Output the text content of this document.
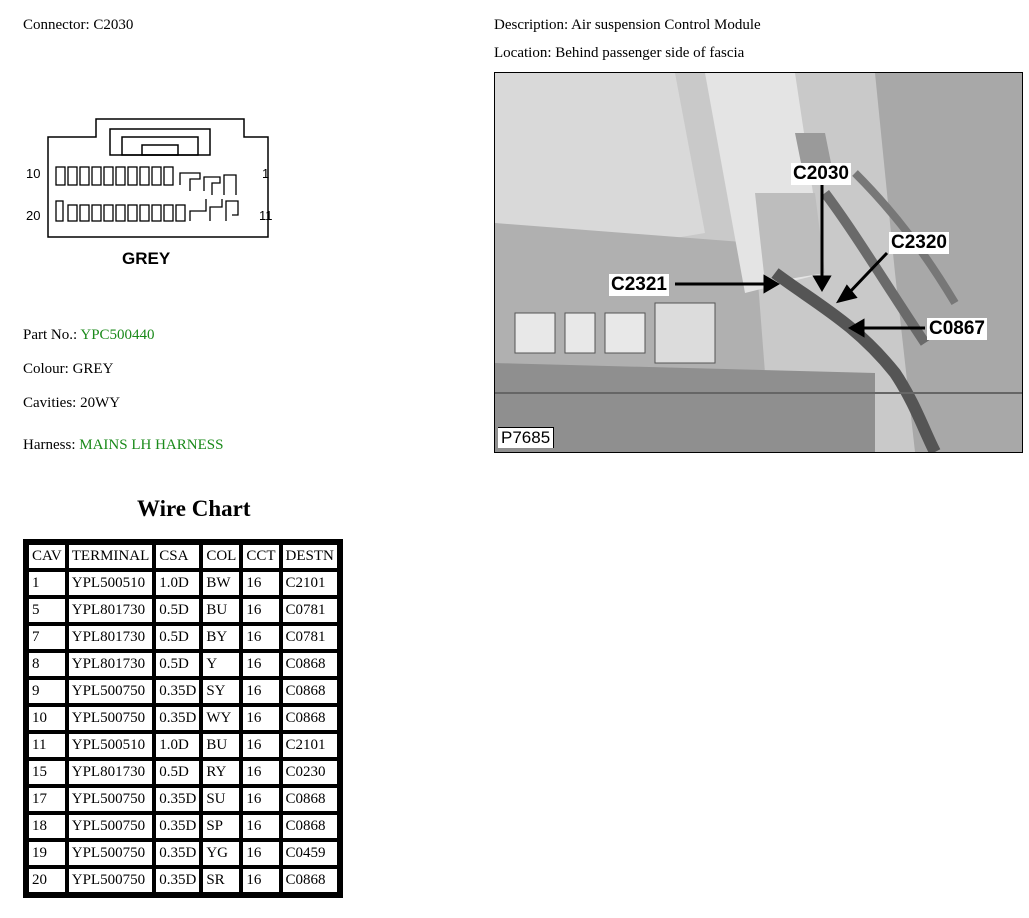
Connector: C2030	Description: Air suspension Control Module
Location: Behind passenger side of fascia
10
20
1
11
GREY
Part No.: YPC500440
Colour: GREY
Cavities: 20WY
Harness: MAINS LH HARNESS
C2030
C2320
C2321
C0867
P7685
Wire Chart
CAV	TERMINAL	CSA	COL	CCT	DESTN
1	YPL500510	1.0D	BW	16	C2101
5	YPL801730	0.5D	BU	16	C0781
7	YPL801730	0.5D	BY	16	C0781
8	YPL801730	0.5D	Y	16	C0868
9	YPL500750	0.35D	SY	16	C0868
10	YPL500750	0.35D	WY	16	C0868
11	YPL500510	1.0D	BU	16	C2101
15	YPL801730	0.5D	RY	16	C0230
17	YPL500750	0.35D	SU	16	C0868
18	YPL500750	0.35D	SP	16	C0868
19	YPL500750	0.35D	YG	16	C0459
20	YPL500750	0.35D	SR	16	C0868
